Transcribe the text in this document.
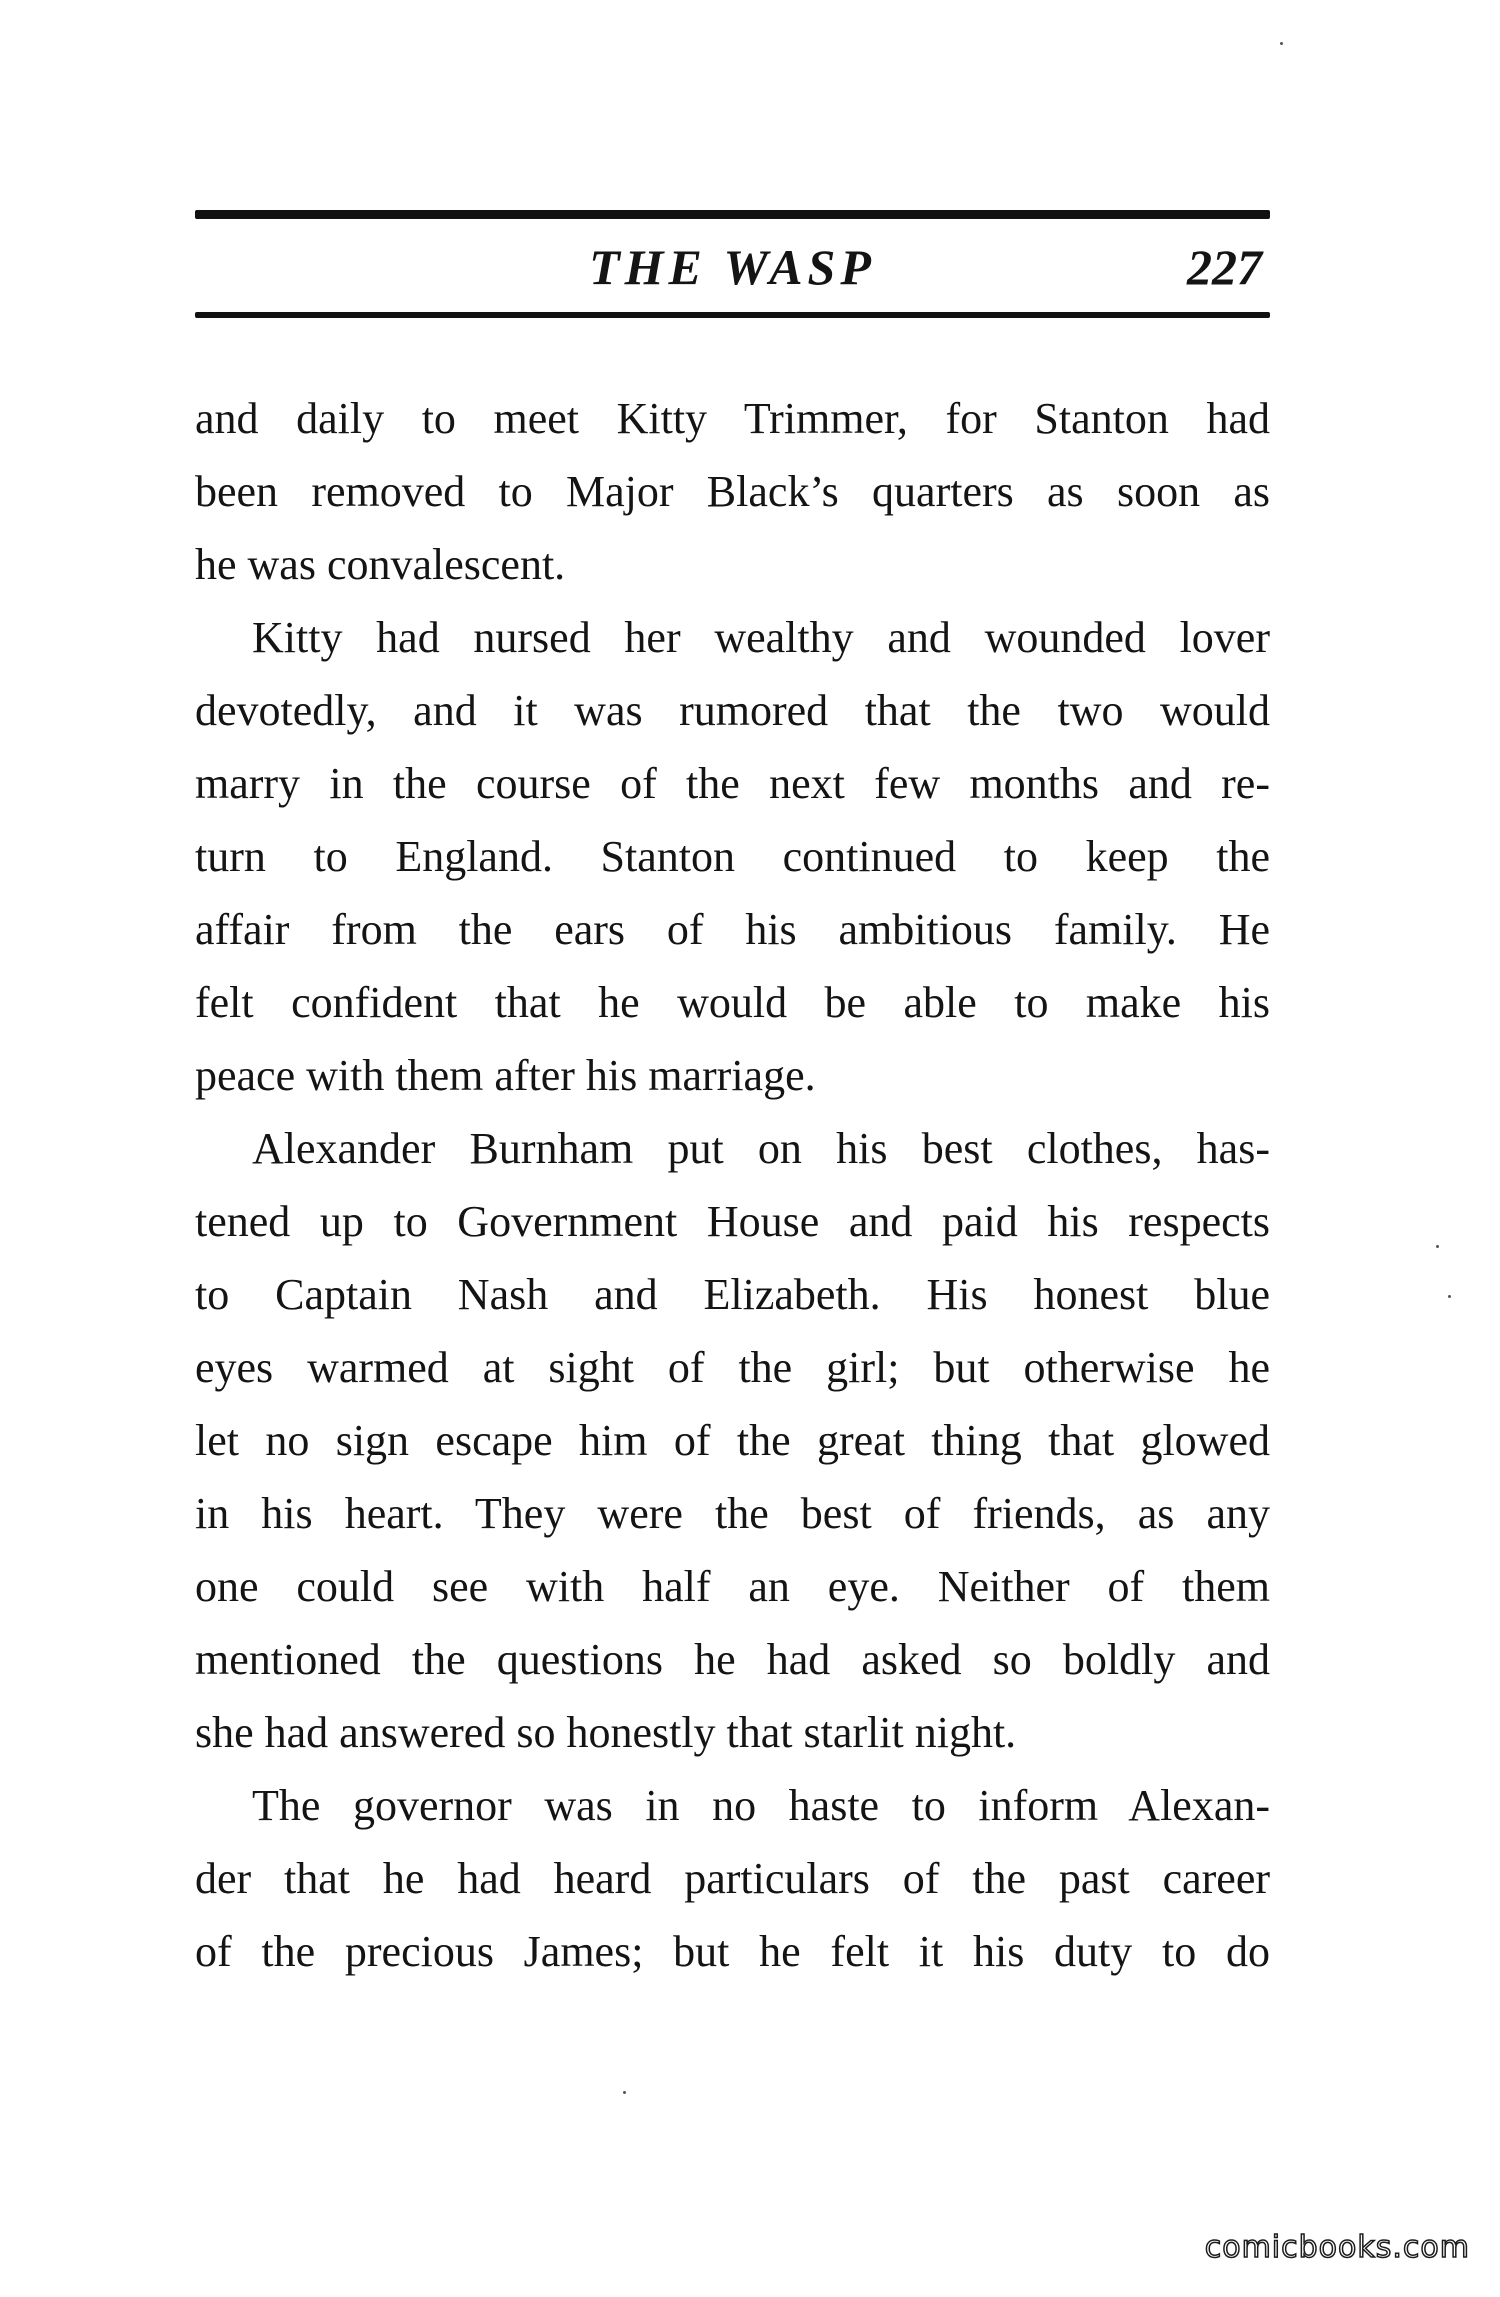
THE WASP	227
and daily to meet Kitty Trimmer, for Stanton had
been removed to Major Black’s quarters as soon as
he was convalescent.
Kitty had nursed her wealthy and wounded lover
devotedly, and it was rumored that the two would
marry in the course of the next few months and re-
turn to England. Stanton continued to keep the
affair from the ears of his ambitious family. He
felt confident that he would be able to make his
peace with them after his marriage.
Alexander Burnham put on his best clothes, has-
tened up to Government House and paid his respects
to Captain Nash and Elizabeth. His honest blue
eyes warmed at sight of the girl; but otherwise he
let no sign escape him of the great thing that glowed
in his heart. They were the best of friends, as any
one could see with half an eye. Neither of them
mentioned the questions he had asked so boldly and
she had answered so honestly that starlit night.
The governor was in no haste to inform Alexan-
der that he had heard particulars of the past career
of the precious James; but he felt it his duty to do
comicbooks.com
